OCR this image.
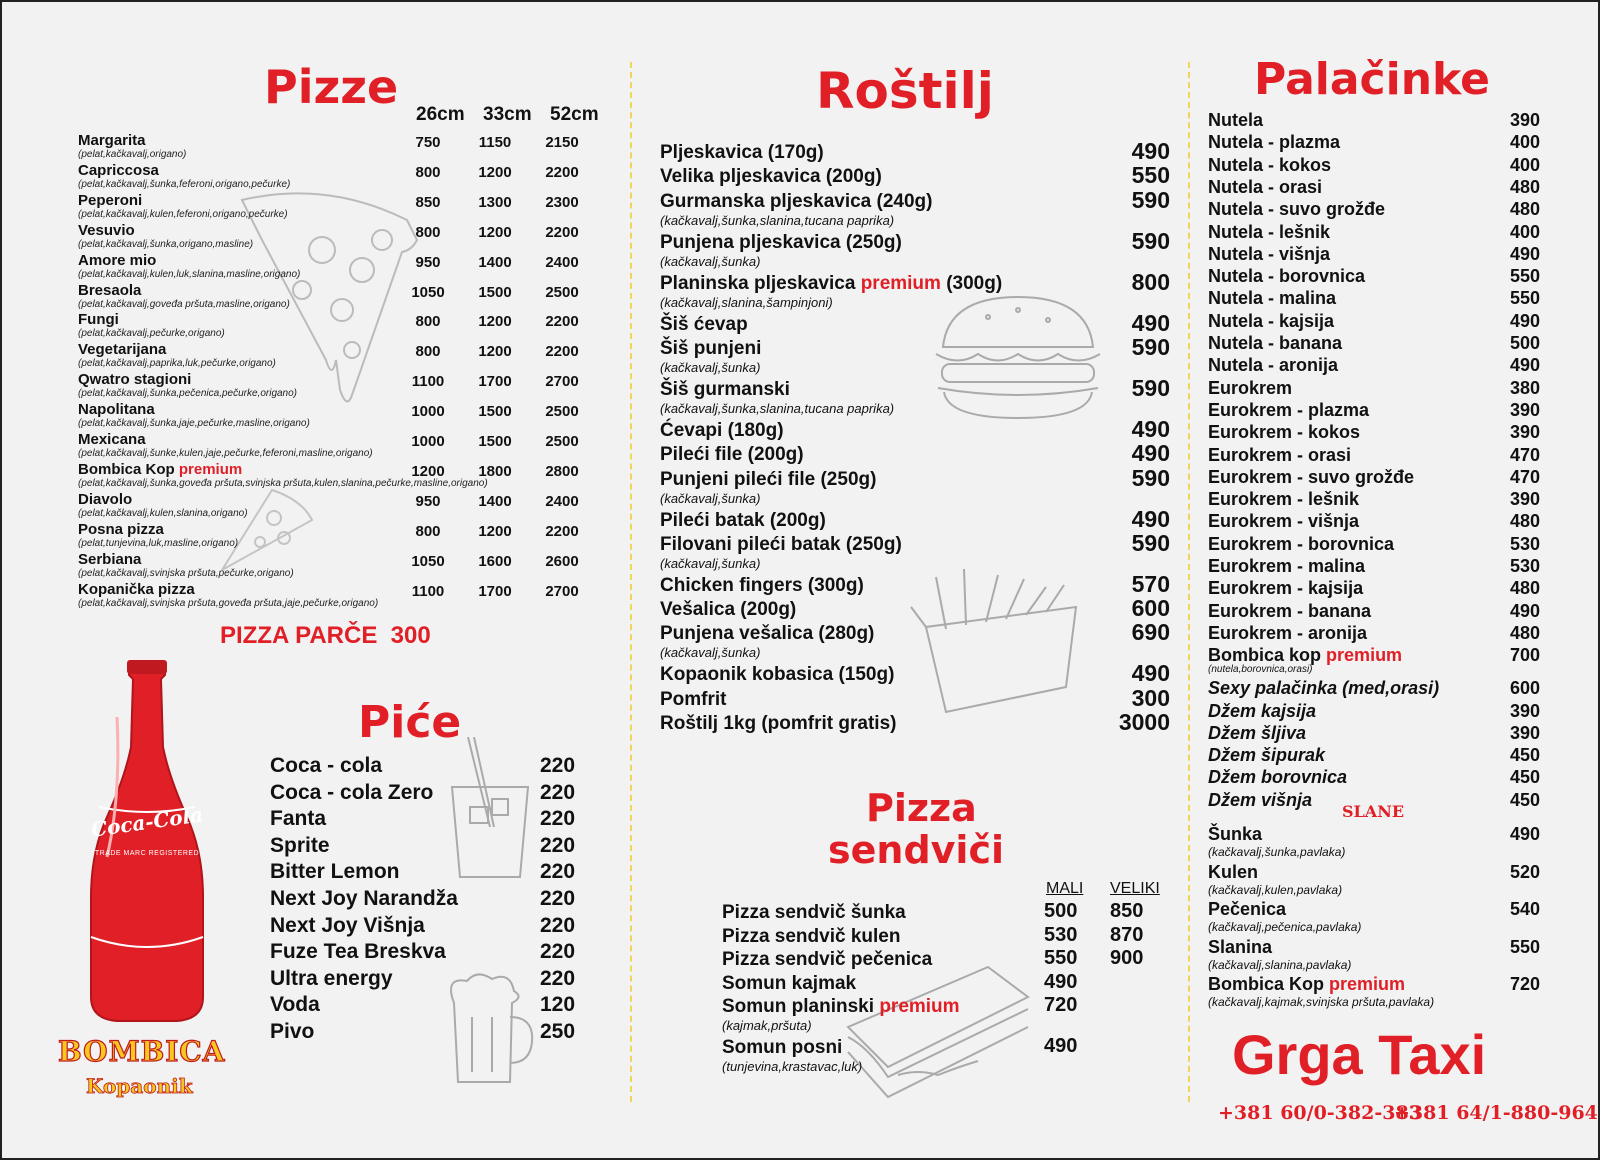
Pizze
26cm 33cm 52cm
Margarita
(pelat,kačkavalj,origano)
750	1150	2150
Capriccosa
(pelat,kačkavalj,šunka,feferoni,origano,pečurke)
800	1200	2200
Peperoni
(pelat,kačkavalj,kulen,feferoni,origano,pečurke)
850	1300	2300
Vesuvio
(pelat,kačkavalj,šunka,origano,masline)
800	1200	2200
Amore mio
(pelat,kačkavalj,kulen,luk,slanina,masline,origano)
950	1400	2400
Bresaola
(pelat,kačkavalj,goveđa pršuta,masline,origano)
1050	1500	2500
Fungi
(pelat,kačkavalj,pečurke,origano)
800	1200	2200
Vegetarijana
(pelat,kačkavalj,paprika,luk,pečurke,origano)
800	1200	2200
Qwatro stagioni
(pelat,kačkavalj,šunka,pečenica,pečurke,origano)
1100	1700	2700
Napolitana
(pelat,kačkavalj,šunka,jaje,pečurke,masline,origano)
1000	1500	2500
Mexicana
(pelat,kačkavalj,šunke,kulen,jaje,pečurke,feferoni,masline,origano)
1000	1500	2500
Bombica Kop premium
(pelat,kačkavalj,šunka,goveđa pršuta,svinjska pršuta,kulen,slanina,pečurke,masline,origano)
1200	1800	2800
Diavolo
(pelat,kačkavalj,kulen,slanina,origano)
950	1400	2400
Posna pizza
(pelat,tunjevina,luk,masline,origano)
800	1200	2200
Serbiana
(pelat,kačkavalj,svinjska pršuta,pečurke,origano)
1050	1600	2600
Kopanička pizza
(pelat,kačkavalj,svinjska pršuta,goveđa pršuta,jaje,pečurke,origano)
1100	1700	2700
PIZZA PARČE  300
Coca-Cola
TRADE MARC REGISTERED
BOMBICA
Kopaonik
Piće
Coca - cola	220
Coca - cola Zero	220
Fanta	220
Sprite	220
Bitter Lemon	220
Next Joy Narandža	220
Next Joy Višnja	220
Fuze Tea Breskva	220
Ultra energy	220
Voda	120
Pivo	250
Roštilj
Pljeskavica (170g)	490
Velika pljeskavica (200g)	550
Gurmanska pljeskavica (240g)
(kačkavalj,šunka,slanina,tucana paprika)
590
Punjena pljeskavica (250g)
(kačkavalj,šunka)
590
Planinska pljeskavica premium (300g)
(kačkavalj,slanina,šampinjoni)
800
Šiš ćevap	490
Šiš punjeni
(kačkavalj,šunka)
590
Šiš gurmanski
(kačkavalj,šunka,slanina,tucana paprika)
590
Ćevapi (180g)	490
Pileći file (200g)	490
Punjeni pileći file (250g)
(kačkavalj,šunka)
590
Pileći batak (200g)	490
Filovani pileći batak (250g)
(kačkavalj,šunka)
590
Chicken fingers (300g)	570
Vešalica (200g)	600
Punjena vešalica (280g)
(kačkavalj,šunka)
690
Kopaonik kobasica (150g)	490
Pomfrit	300
Roštilj 1kg (pomfrit gratis)	3000
Pizza
sendviči
MALI VELIKI
Pizza sendvič šunka	500 850
Pizza sendvič kulen	530 870
Pizza sendvič pečenica	550 900
Somun kajmak	490
Somun planinski premium
(kajmak,pršuta)
720
Somun posni
(tunjevina,krastavac,luk)
490
Palačinke
Nutela	390
Nutela - plazma	400
Nutela - kokos	400
Nutela - orasi	480
Nutela - suvo grožđe	480
Nutela - lešnik	400
Nutela - višnja	490
Nutela - borovnica	550
Nutela - malina	550
Nutela - kajsija	490
Nutela - banana	500
Nutela - aronija	490
Eurokrem	380
Eurokrem - plazma	390
Eurokrem - kokos	390
Eurokrem - orasi	470
Eurokrem - suvo grožđe	470
Eurokrem - lešnik	390
Eurokrem - višnja	480
Eurokrem - borovnica	530
Eurokrem - malina	530
Eurokrem - kajsija	480
Eurokrem - banana	490
Eurokrem - aronija	480
Bombica kop premium
(nutela,borovnica,orasi)
700
Sexy palačinka (med,orasi)	600
Džem kajsija	390
Džem šljiva	390
Džem šipurak	450
Džem borovnica	450
Džem višnja	450
SLANE
Šunka
(kačkavalj,šunka,pavlaka)
490
Kulen
(kačkavalj,kulen,pavlaka)
520
Pečenica
(kačkavalj,pečenica,pavlaka)
540
Slanina
(kačkavalj,slanina,pavlaka)
550
Bombica Kop premium
(kačkavalj,kajmak,svinjska pršuta,pavlaka)
720
Grga Taxi
+381 60/0-382-383
+381 64/1-880-964
